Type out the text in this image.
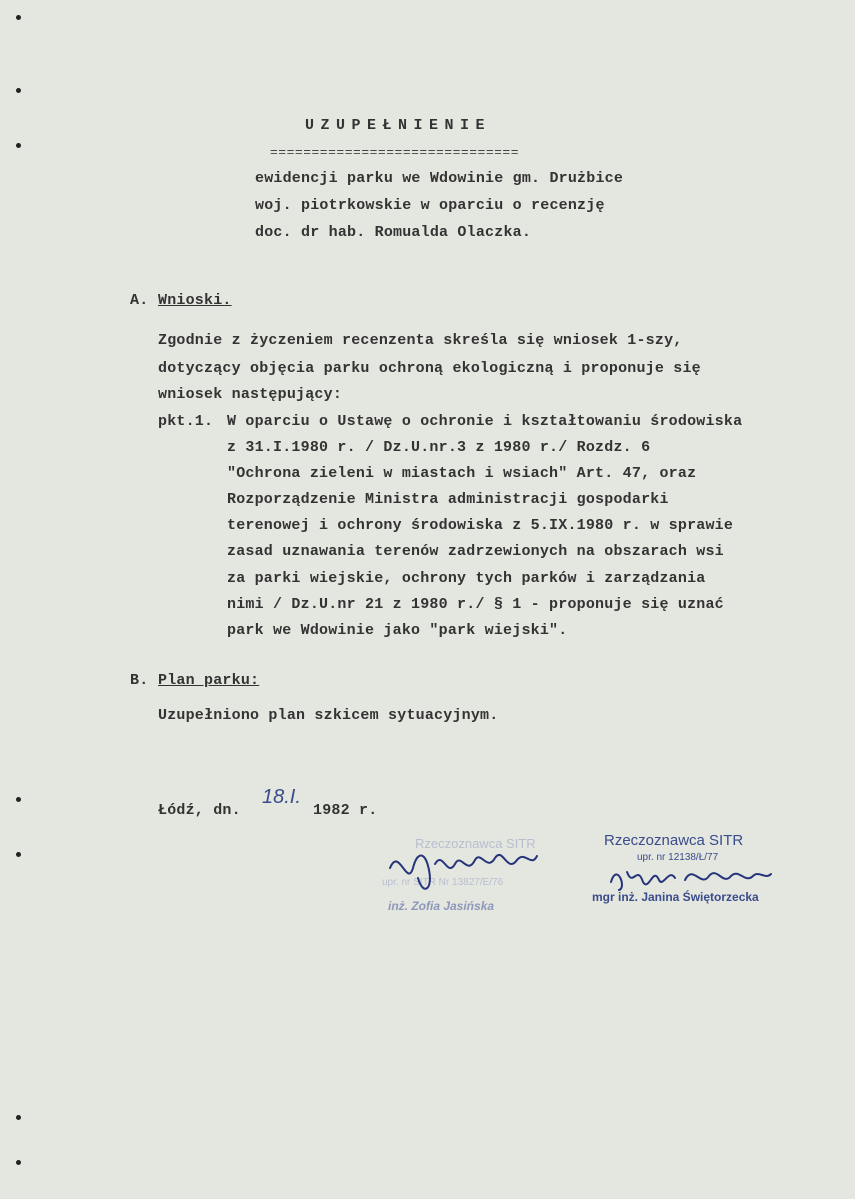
UZUPEŁNIENIE
==============================
ewidencji parku we Wdowinie gm. Drużbice
woj. piotrkowskie w oparciu o recenzję
doc. dr hab. Romualda Olaczka.
A. Wnioski.
Zgodnie z życzeniem recenzenta skreśla się wniosek 1-szy,
dotyczący objęcia parku ochroną ekologiczną i proponuje się
wniosek następujący:
pkt.1. W oparciu o Ustawę o ochronie i kształtowaniu środowiska
z 31.I.1980 r. / Dz.U.nr.3 z 1980 r./ Rozdz. 6
"Ochrona zieleni w miastach i wsiach" Art. 47, oraz
Rozporządzenie Ministra administracji gospodarki
terenowej i ochrony środowiska z 5.IX.1980 r. w sprawie
zasad uznawania terenów zadrzewionych na obszarach wsi
za parki wiejskie, ochrony tych parków i zarządzania
nimi / Dz.U.nr 21 z 1980 r./ § 1 - proponuje się uznać
park we Wdowinie jako "park wiejski".
B. Plan parku:
Uzupełniono plan szkicem sytuacyjnym.
Łódź, dn.
18.I.
1982 r.
Rzeczoznawca SITR
upr. nr SITR Nr 13827/E/76
inż. Zofia Jasińska
Rzeczoznawca SITR
upr. nr 12138/Ł/77
mgr inż. Janina Świętorzecka
